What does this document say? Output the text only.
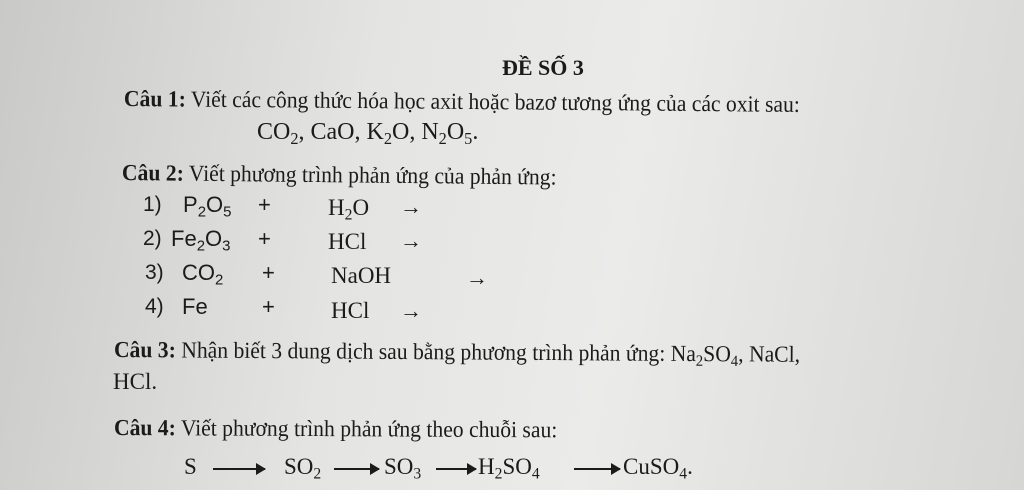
ĐỀ SỐ 3
Câu 1: Viết các công thức hóa học axit hoặc bazơ tương ứng của các oxit sau:
$CO_2$, CaO, $K_2O$, $N_2O_5$.
Câu 2: Viết phương trình phản ứng của phản ứng:
1) $P_2O_5 + H_2O$ →
2) $Fe_2O_3$ + HCl →
3) $CO_2$ + NaOH	→
4) Fe + HCl →
Câu 3: Nhận biết 3 dung dịch sau bằng phương trình phản ứng: $Na_2SO_4$, NaCl,
HCl.
Câu 4: Viết phương trình phản ứng theo chuỗi sau:
S	$SO_2$	$SO_3$ $H_2SO_4$	CuSO$_4$.
